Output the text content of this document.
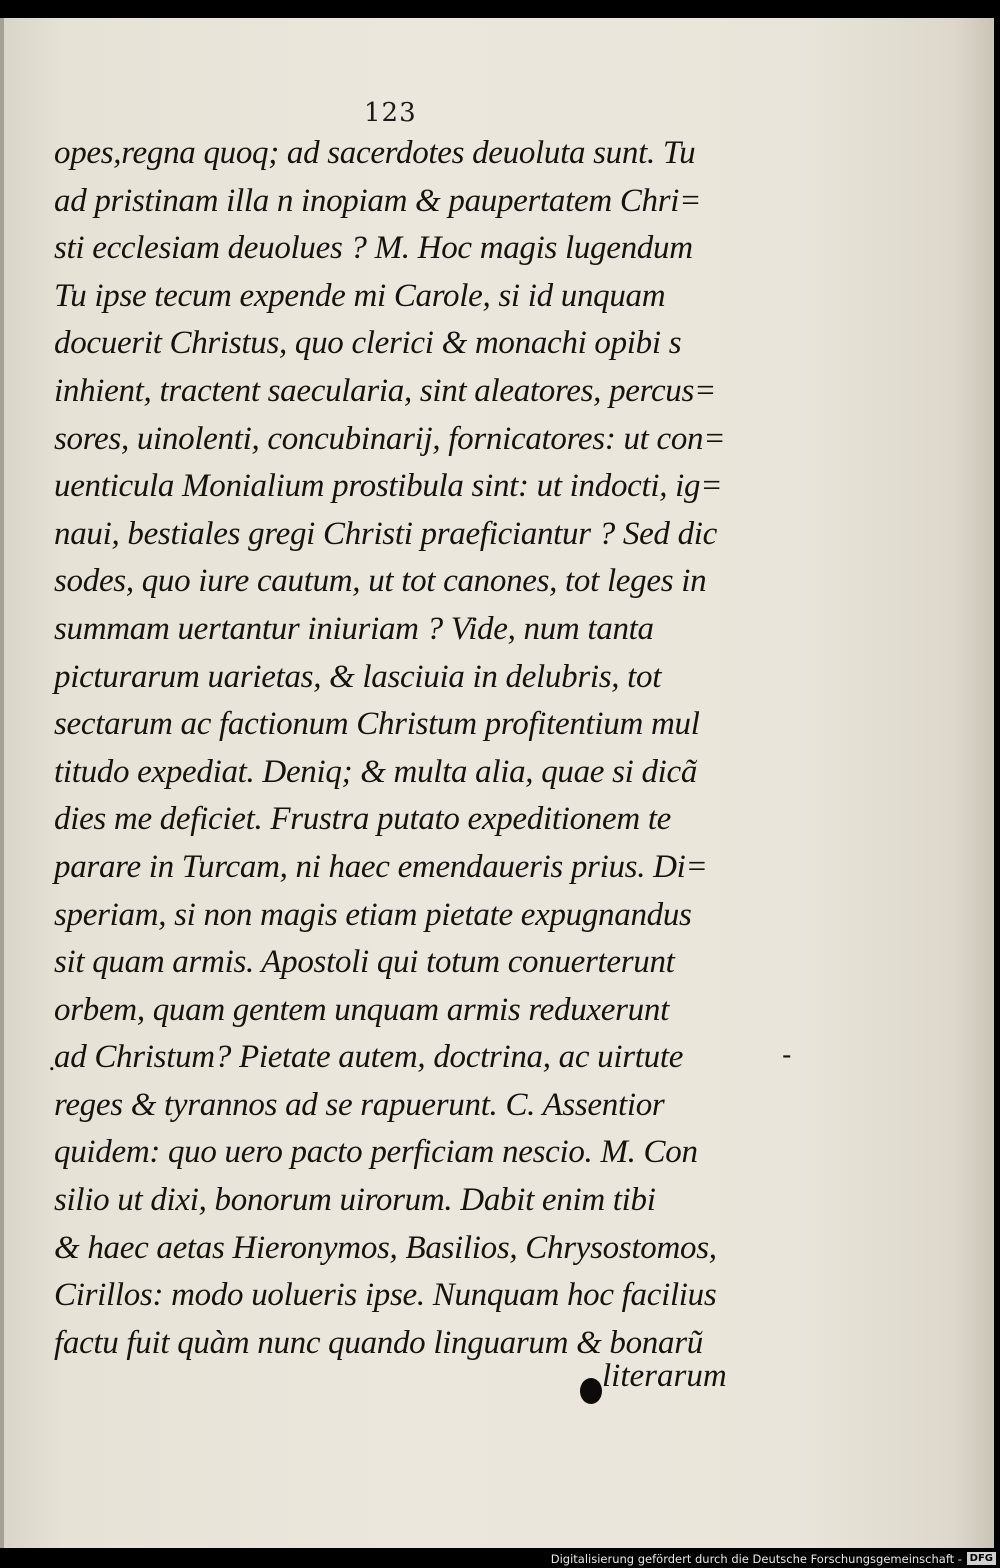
123
opes,regna quoq; ad sacerdotes deuoluta sunt. Tu
ad pristinam illa n inopiam & paupertatem Chri=
sti ecclesiam deuolues ? M. Hoc magis lugendum
Tu ipse tecum expende mi Carole, si id unquam
docuerit Christus, quo clerici & monachi opibi s
inhient, tractent saecularia, sint aleatores, percus=
sores, uinolenti, concubinarij, fornicatores: ut con=
uenticula Monialium prostibula sint: ut indocti, ig=
naui, bestiales gregi Christi praeficiantur ? Sed dic
sodes, quo iure cautum, ut tot canones, tot leges in
summam uertantur iniuriam ? Vide, num tanta
picturarum uarietas, & lasciuia in delubris, tot
sectarum ac factionum Christum profitentium mul
titudo expediat. Deniq; & multa alia, quae si dicã
dies me deficiet. Frustra putato expeditionem te
parare in Turcam, ni haec emendaueris prius. Di=
speriam, si non magis etiam pietate expugnandus
sit quam armis. Apostoli qui totum conuerterunt
orbem, quam gentem unquam armis reduxerunt
ad Christum? Pietate autem, doctrina, ac uirtute
reges & tyrannos ad se rapuerunt. C. Assentior
quidem: quo uero pacto perficiam nescio. M. Con
silio ut dixi, bonorum uirorum. Dabit enim tibi
& haec aetas Hieronymos, Basilios, Chrysostomos,
Cirillos: modo uolueris ipse. Nunquam hoc facilius
factu fuit quàm nunc quando linguarum & bonarũ
.	-
literarum
Digitalisierung gefördert durch die Deutsche Forschungsgemeinschaft - DFG
